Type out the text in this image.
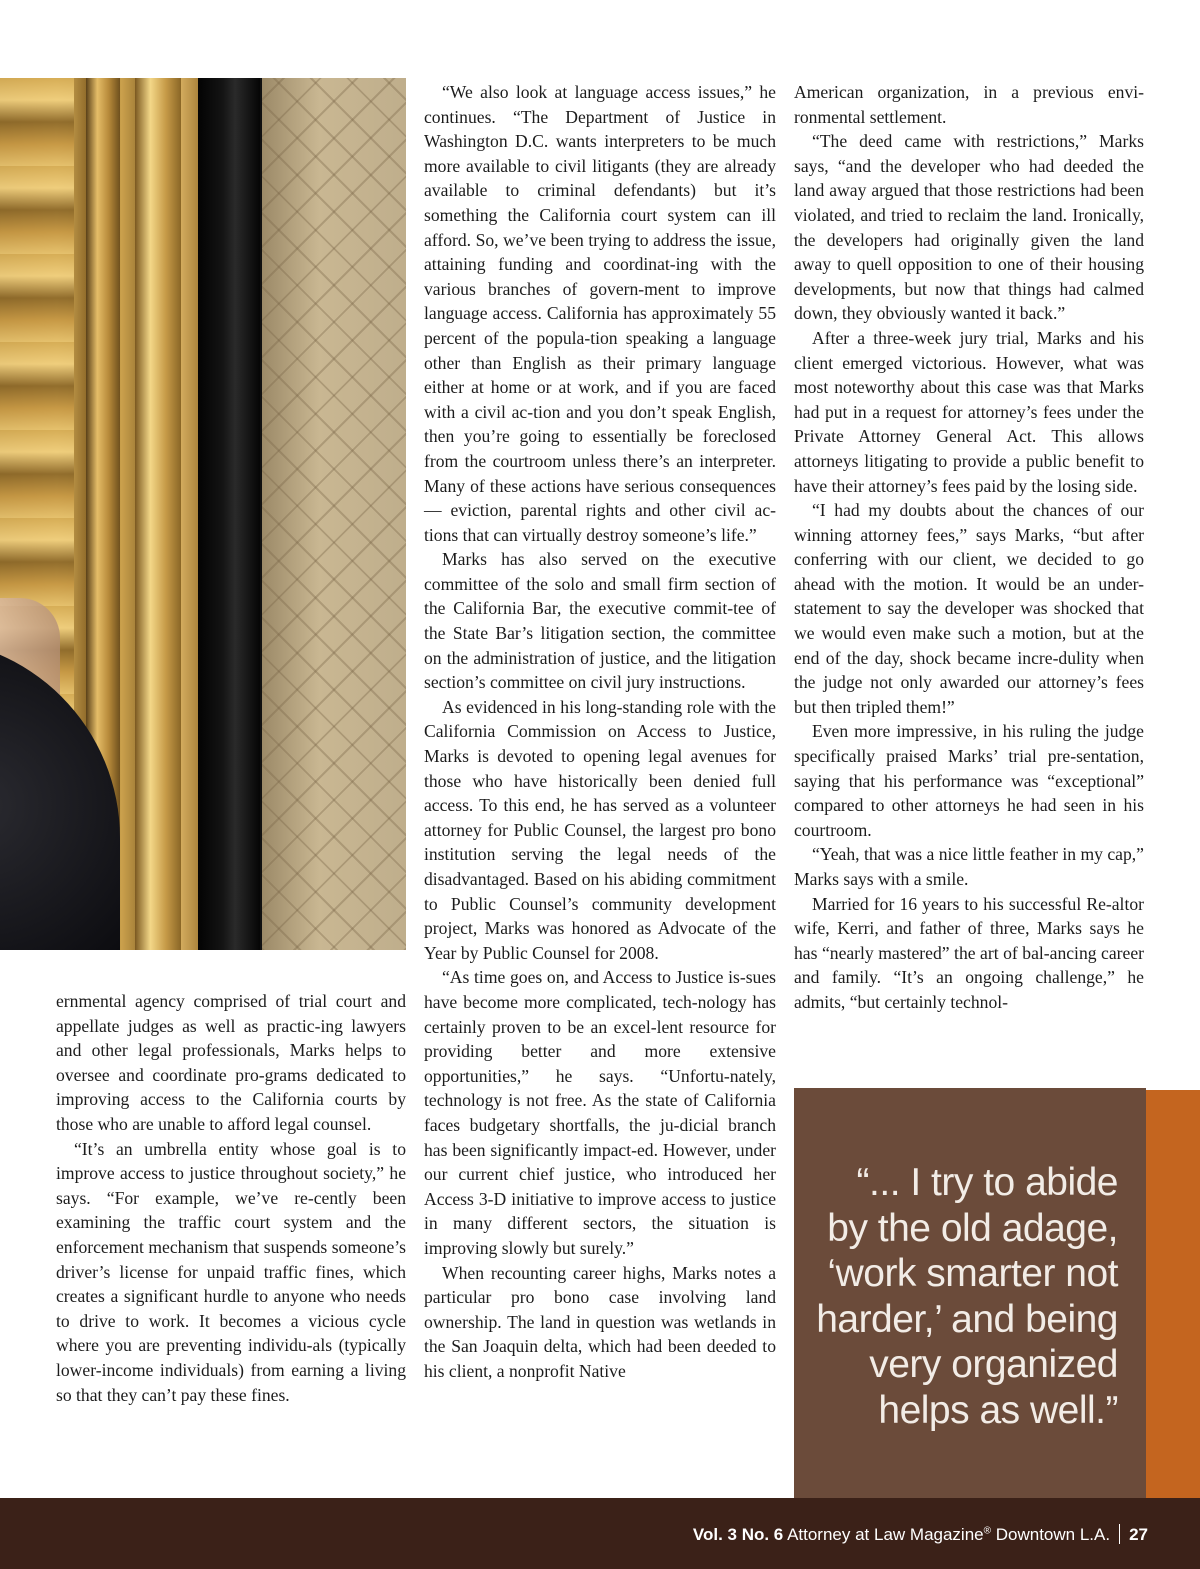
ernmental agency comprised of trial court and appellate judges as well as practic-ing lawyers and other legal professionals, Marks helps to oversee and coordinate pro-grams dedicated to improving access to the California courts by those who are unable to afford legal counsel.

“It’s an umbrella entity whose goal is to improve access to justice throughout society,” he says. “For example, we’ve re-cently been examining the traffic court system and the enforcement mechanism that suspends someone’s driver’s license for unpaid traffic fines, which creates a significant hurdle to anyone who needs to drive to work. It becomes a vicious cycle where you are preventing individu-als (typically lower-income individuals) from earning a living so that they can’t pay these fines.

“We also look at language access issues,” he continues. “The Department of Justice in Washington D.C. wants interpreters to be much more available to civil litigants (they are already available to criminal defendants) but it’s something the California court system can ill afford. So, we’ve been trying to address the issue, attaining funding and coordinat-ing with the various branches of govern-ment to improve language access. California has approximately 55 percent of the popula-tion speaking a language other than English as their primary language either at home or at work, and if you are faced with a civil ac-tion and you don’t speak English, then you’re going to essentially be foreclosed from the courtroom unless there’s an interpreter. Many of these actions have serious consequences — eviction, parental rights and other civil ac-tions that can virtually destroy someone’s life.”

Marks has also served on the executive committee of the solo and small firm section of the California Bar, the executive commit-tee of the State Bar’s litigation section, the committee on the administration of justice, and the litigation section’s committee on civil jury instructions.

As evidenced in his long-standing role with the California Commission on Access to Justice, Marks is devoted to opening legal avenues for those who have historically been denied full access. To this end, he has served as a volunteer attorney for Public Counsel, the largest pro bono institution serving the legal needs of the disadvantaged. Based on his abiding commitment to Public Counsel’s community development project, Marks was honored as Advocate of the Year by Public Counsel for 2008.

“As time goes on, and Access to Justice is-sues have become more complicated, tech-nology has certainly proven to be an excel-lent resource for providing better and more extensive opportunities,” he says. “Unfortu-nately, technology is not free. As the state of California faces budgetary shortfalls, the ju-dicial branch has been significantly impact-ed. However, under our current chief justice, who introduced her Access 3-D initiative to improve access to justice in many different sectors, the situation is improving slowly but surely.”

When recounting career highs, Marks notes a particular pro bono case involving land ownership. The land in question was wetlands in the San Joaquin delta, which had been deeded to his client, a nonprofit Native

American organization, in a previous envi-ronmental settlement.

“The deed came with restrictions,” Marks says, “and the developer who had deeded the land away argued that those restrictions had been violated, and tried to reclaim the land. Ironically, the developers had originally given the land away to quell opposition to one of their housing developments, but now that things had calmed down, they obviously wanted it back.”

After a three-week jury trial, Marks and his client emerged victorious. However, what was most noteworthy about this case was that Marks had put in a request for attorney’s fees under the Private Attorney General Act. This allows attorneys litigating to provide a public benefit to have their attorney’s fees paid by the losing side.

“I had my doubts about the chances of our winning attorney fees,” says Marks, “but after conferring with our client, we decided to go ahead with the motion. It would be an under-statement to say the developer was shocked that we would even make such a motion, but at the end of the day, shock became incre-dulity when the judge not only awarded our attorney’s fees but then tripled them!”

Even more impressive, in his ruling the judge specifically praised Marks’ trial pre-sentation, saying that his performance was “exceptional” compared to other attorneys he had seen in his courtroom.

“Yeah, that was a nice little feather in my cap,” Marks says with a smile.

Married for 16 years to his successful Re-altor wife, Kerri, and father of three, Marks says he has “nearly mastered” the art of bal-ancing career and family. “It’s an ongoing challenge,” he admits, “but certainly technol-

“... I try to abide
by the old adage,
‘work smarter not
harder,’ and being
very organized
helps as well.”
Vol. 3 No. 6 Attorney at Law Magazine® Downtown L.A. 27
